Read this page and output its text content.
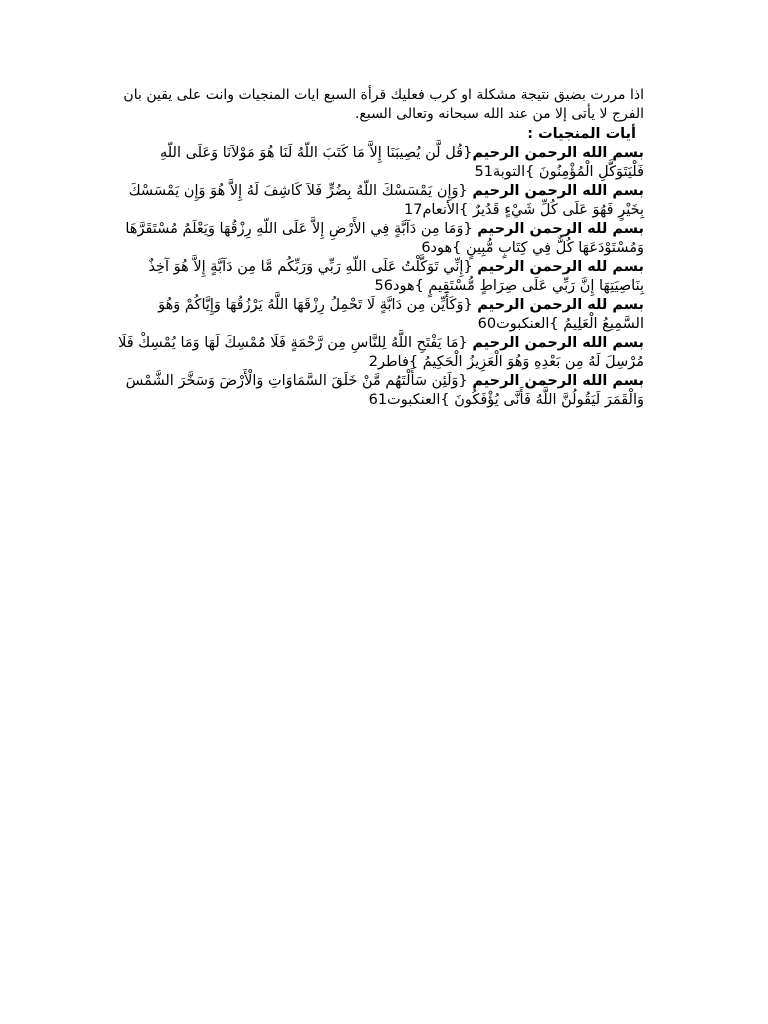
اذا مررت بضيق نتيجة مشكلة او كرب فعليك قرأة السبع ايات المنجيات وانت على يقين بان الفرج لا يأتى إلا من عند الله سبحانه وتعالى السبع.

أيات المنجيات :

بسم الله الرحمن الرحيم{قُل لَّن يُصِيبَنَا إِلاَّ مَا كَتَبَ اللّهُ لَنَا هُوَ مَوْلاَنَا وَعَلَى اللّهِ فَلْيَتَوَكَّلِ الْمُؤْمِنُونَ }التوبة51

بسم الله الرحمن الرحيم {وَإِن يَمْسَسْكَ اللّهُ بِضُرٍّ فَلاَ كَاشِفَ لَهُ إِلاَّ هُوَ وَإِن يَمْسَسْكَ بِخَيْرٍ فَهُوَ عَلَى كُلِّ شَيْءٍ قَدُيرٌ }الأنعام17

بسم لله الرحمن الرحيم {وَمَا مِن دَآبَّةٍ فِي الأَرْضِ إِلاَّ عَلَى اللّهِ رِزْقُهَا وَيَعْلَمُ مُسْتَقَرَّهَا وَمُسْتَوْدَعَهَا كُلٌّ فِي كِتَابٍ مُّبِينٍ }هود6

بسم لله الرحمن الرحيم {إِنِّي تَوَكَّلْتُ عَلَى اللّهِ رَبِّي وَرَبِّكُم مَّا مِن دَآبَّةٍ إِلاَّ هُوَ آخِذٌ بِنَاصِيَتِهَا إِنَّ رَبِّي عَلَى صِرَاطٍ مُّسْتَقِيمٍ }هود56

بسم لله الرحمن الرحيم {وَكَأَيِّن مِن دَابَّةٍ لَا تَحْمِلُ رِزْقَهَا اللَّهُ يَرْزُقُهَا وَإِيَّاكُمْ وَهُوَ السَّمِيعُ الْعَلِيمُ }العنكبوت60

بسم الله الرحمن الرحيم {مَا يَفْتَحِ اللَّهُ لِلنَّاسِ مِن رَّحْمَةٍ فَلَا مُمْسِكَ لَهَا وَمَا يُمْسِكْ فَلَا مُرْسِلَ لَهُ مِن بَعْدِهِ وَهُوَ الْعَزِيزُ الْحَكِيمُ }فاطر2

بسم الله الرحمن الرحيم {وَلَئِن سَأَلْتَهُم مَّنْ خَلَقَ السَّمَاوَاتِ وَالْأَرْضَ وَسَخَّرَ الشَّمْسَ وَالْقَمَرَ لَيَقُولُنَّ اللَّهُ فَأَنَّى يُؤْفَكُونَ }العنكبوت61
